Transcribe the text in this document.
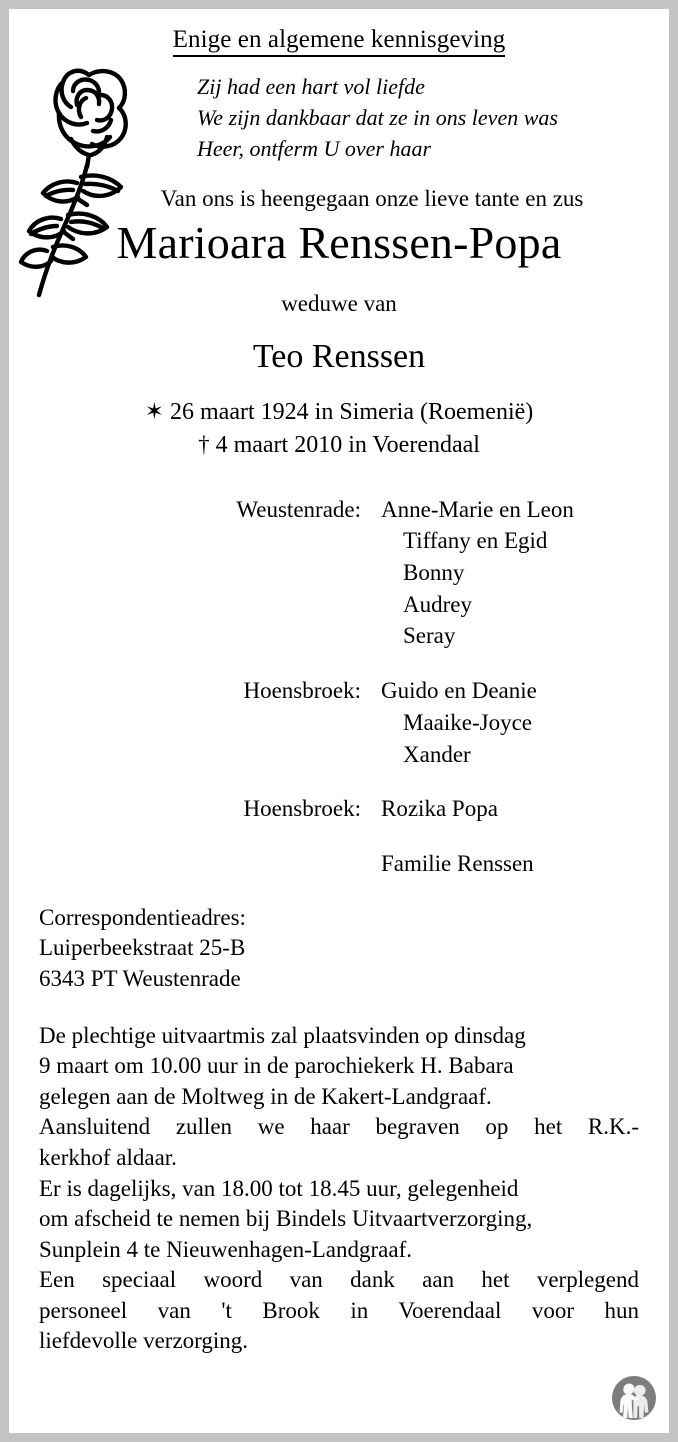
Enige en algemene kennisgeving
Zij had een hart vol liefde
We zijn dankbaar dat ze in ons leven was
Heer, ontferm U over haar
Van ons is heengegaan onze lieve tante en zus
Marioara Renssen-Popa
weduwe van
Teo Renssen
✶ 26 maart 1924 in Simeria (Roemenië)
† 4 maart 2010 in Voerendaal
Weustenrade: Anne-Marie en Leon
Tiffany en Egid
Bonny
Audrey
Seray
Hoensbroek: Guido en Deanie
Maaike-Joyce
Xander
Hoensbroek: Rozika Popa
Familie Renssen
Correspondentieadres:
Luiperbeekstraat 25-B
6343 PT Weustenrade

De plechtige uitvaartmis zal plaatsvinden op dinsdag
9 maart om 10.00 uur in de parochiekerk H. Babara
gelegen aan de Moltweg in de Kakert-Landgraaf.

Aansluitend zullen we haar begraven op het R.K.-
kerkhof aldaar.

Er is dagelijks, van 18.00 tot 18.45 uur, gelegenheid
om afscheid te nemen bij Bindels Uitvaartverzorging,
Sunplein 4 te Nieuwenhagen-Landgraaf.

Een speciaal woord van dank aan het verplegend
personeel van 't Brook in Voerendaal voor hun
liefdevolle verzorging.
